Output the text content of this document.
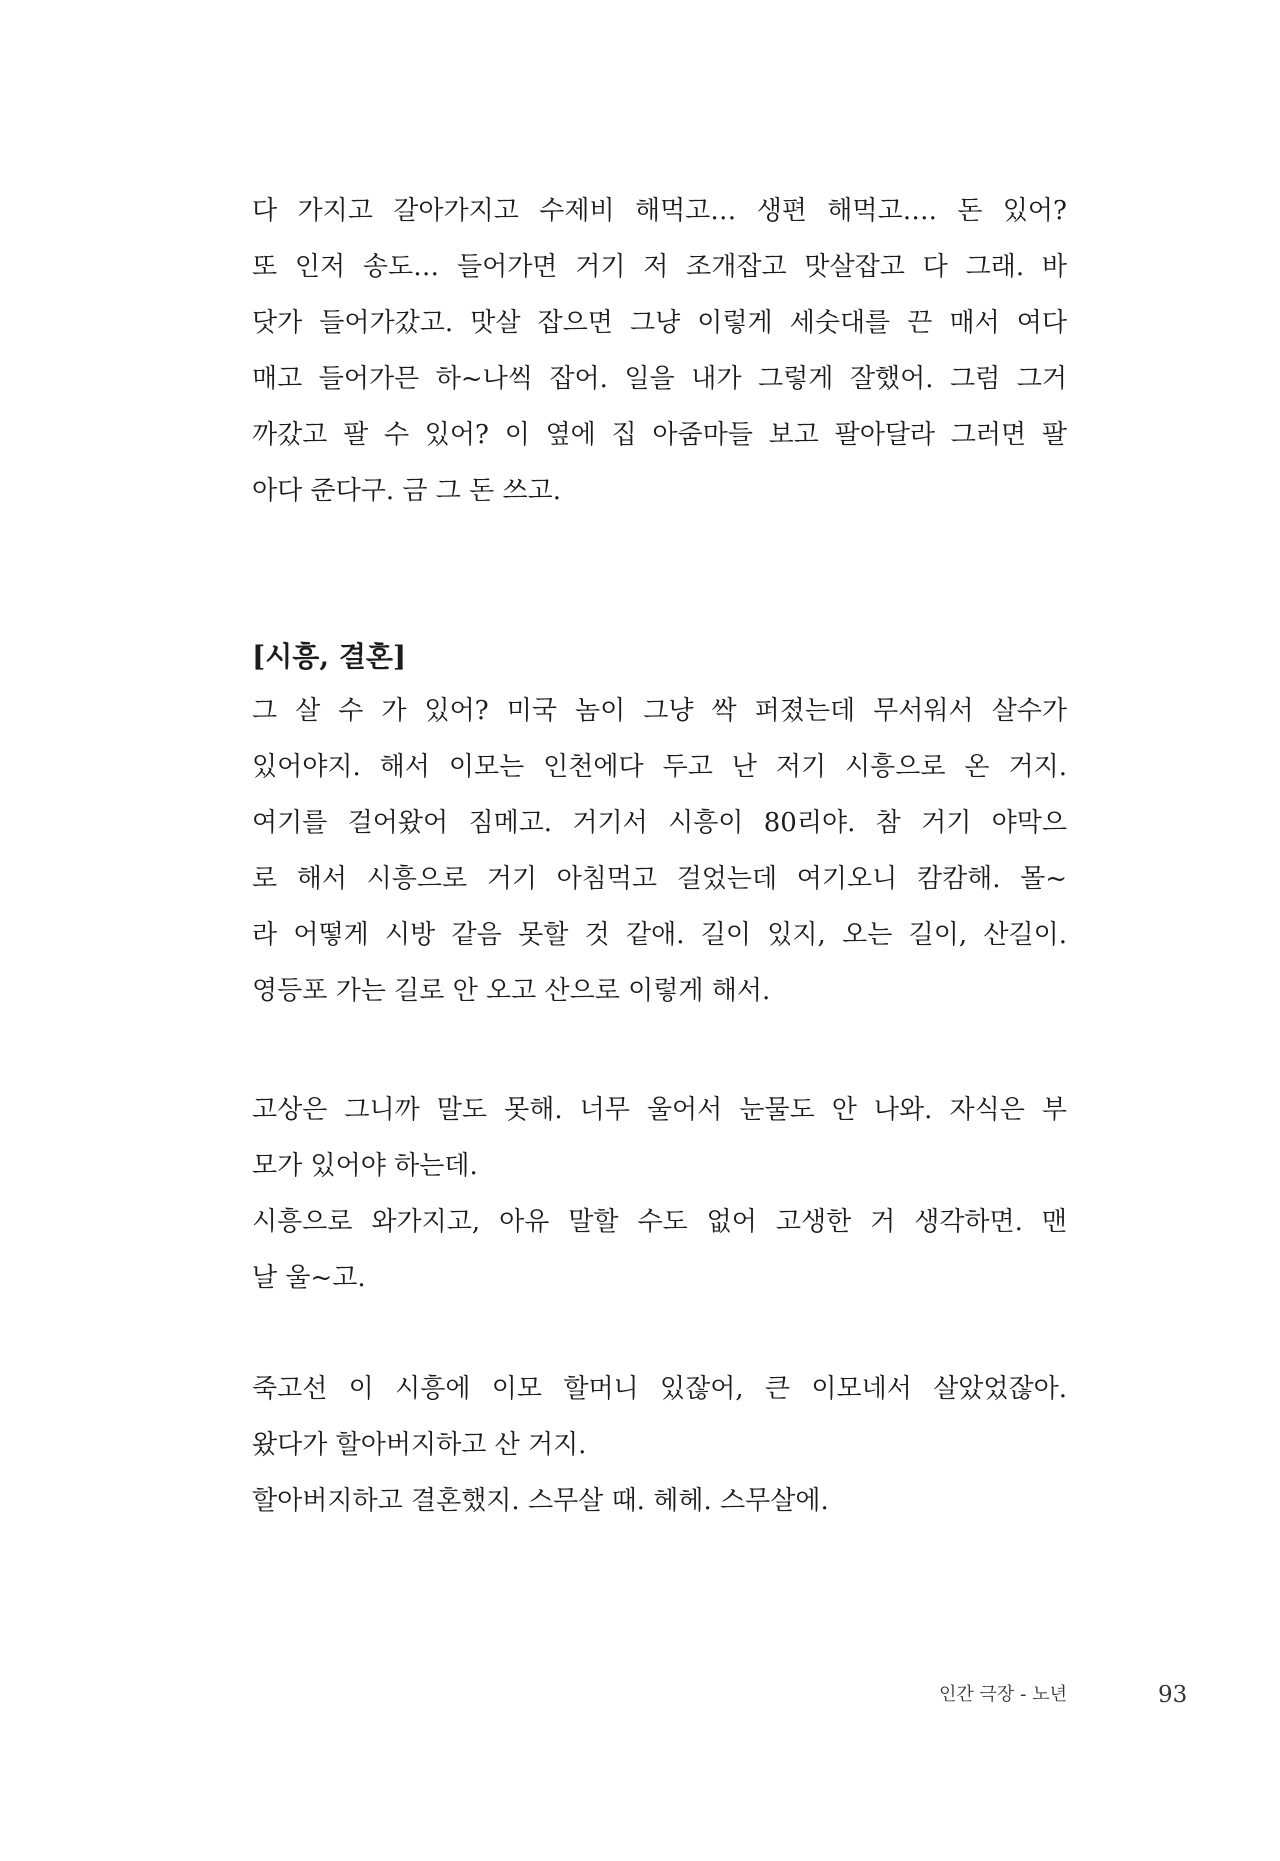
다 가지고 갈아가지고 수제비 해먹고… 생편 해먹고…. 돈 있어?
또 인저 송도… 들어가면 거기 저 조개잡고 맛살잡고 다 그래. 바
닷가 들어가갔고. 맛살 잡으면 그냥 이렇게 세숫대를 끈 매서 여다
매고 들어가믄 하~나씩 잡어. 일을 내가 그렇게 잘했어. 그럼 그거
까갔고 팔 수 있어? 이 옆에 집 아줌마들 보고 팔아달라 그러면 팔
아다 준다구. 금 그 돈 쓰고.
[시흥, 결혼]
그 살 수 가 있어? 미국 놈이 그냥 싹 퍼졌는데 무서워서 살수가
있어야지. 해서 이모는 인천에다 두고 난 저기 시흥으로 온 거지.
여기를 걸어왔어 짐메고. 거기서 시흥이 80리야. 참 거기 야막으
로 해서 시흥으로 거기 아침먹고 걸었는데 여기오니 캄캄해. 몰~
라 어떻게 시방 같음 못할 것 같애. 길이 있지, 오는 길이, 산길이.
영등포 가는 길로 안 오고 산으로 이렇게 해서.
고상은 그니까 말도 못해. 너무 울어서 눈물도 안 나와. 자식은 부
모가 있어야 하는데.
시흥으로 와가지고, 아유 말할 수도 없어 고생한 거 생각하면. 맨
날 울~고.
죽고선 이 시흥에 이모 할머니 있잖어, 큰 이모네서 살았었잖아.
왔다가 할아버지하고 산 거지.
할아버지하고 결혼했지. 스무살 때. 헤헤. 스무살에.
인간 극장 - 노년	93
